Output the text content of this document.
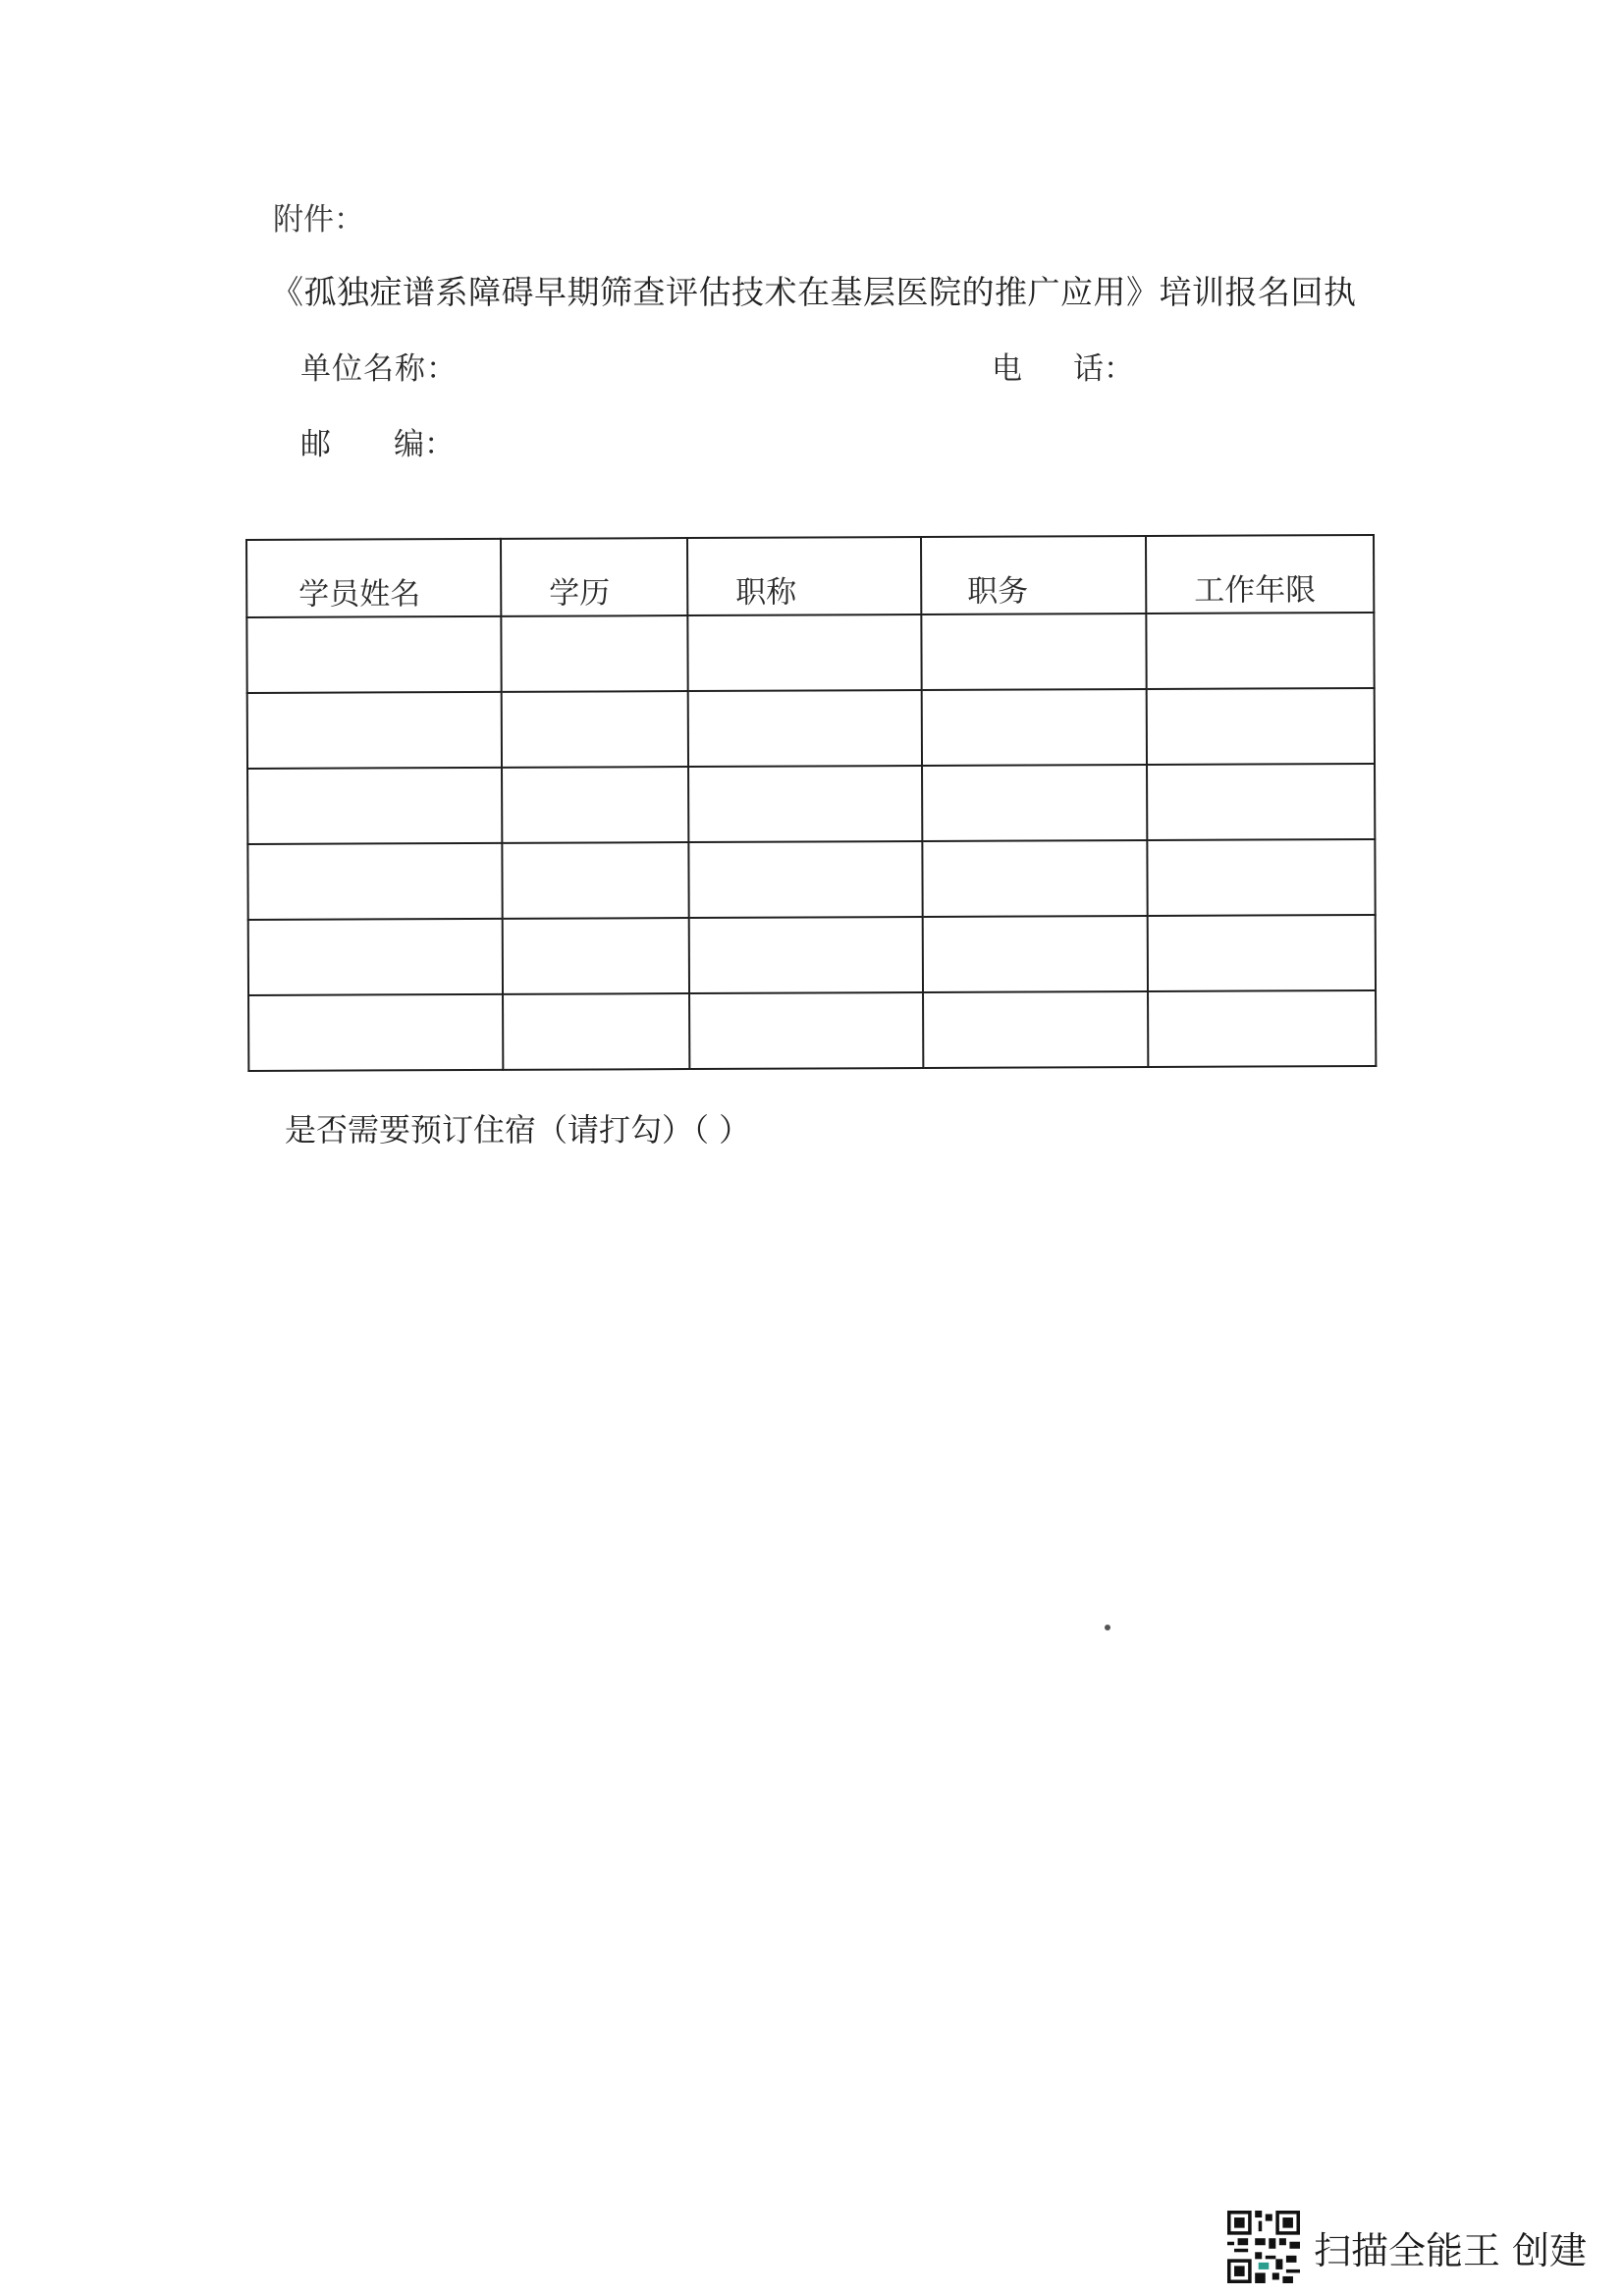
附件：
《孤独症谱系障碍早期筛查评估技术在基层医院的推广应用》培训报名回执
单位名称：	电 话：
邮 编：
学员姓名	学历	职称	职务	工作年限

是否需要预订住宿（请打勾）（ ）
扫描全能王 创建
